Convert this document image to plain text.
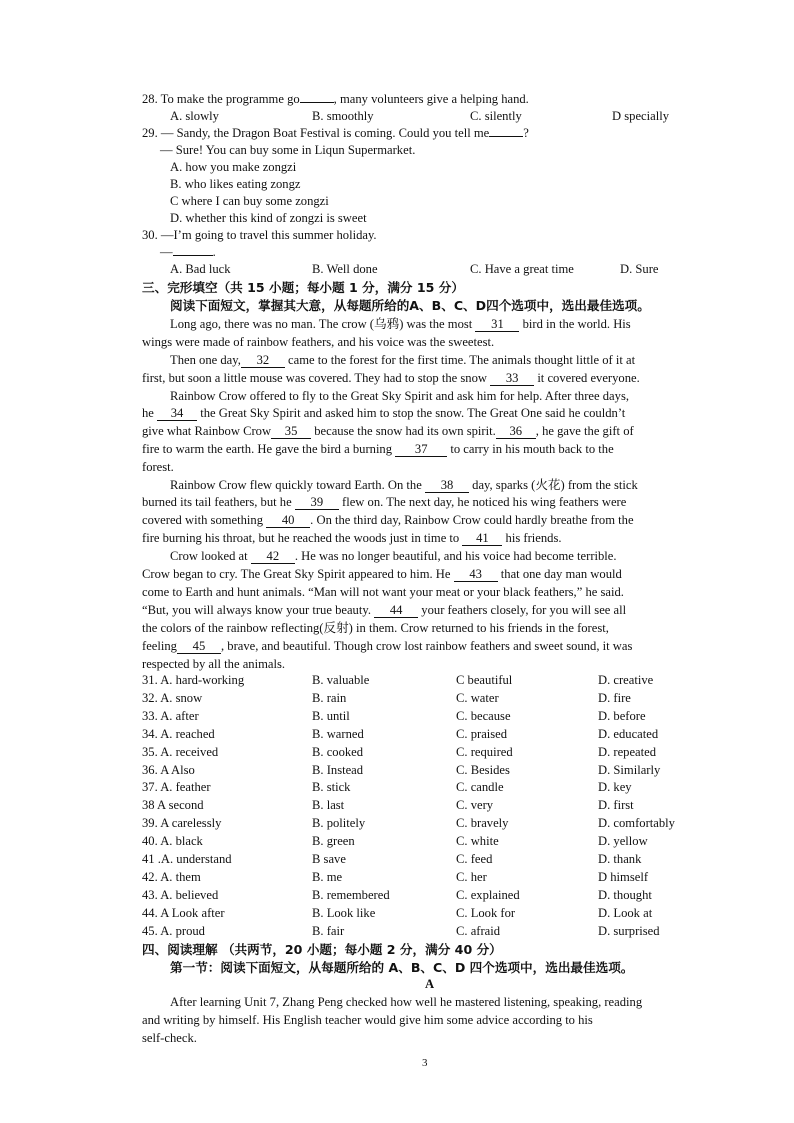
28. To make the programme go	, many volunteers give a helping hand.
A. slowly	B. smoothly	C. silently	D specially
29. — Sandy, the Dragon Boat Festival is coming. Could you tell me	?
— Sure! You can buy some in Liqun Supermarket.
A. how you make zongzi
B. who likes eating zongz
C where I can buy some zongzi
D. whether this kind of zongzi is sweet
30. —I’m going to travel this summer holiday.
—	.
A. Bad luck	B. Well done	C. Have a great time	D. Sure
三、完形填空（共 15 小题；每小题 1 分，满分 15 分）
阅读下面短文，掌握其大意，从每题所给的A、B、C、D四个选项中，选出最佳选项。
Long ago, there was no man. The crow (乌鸦) was the most 31 bird in the world. His
wings were made of rainbow feathers, and his voice was the sweetest.
Then one day, 32 came to the forest for the first time. The animals thought little of it at
first, but soon a little mouse was covered. They had to stop the snow 33 it covered everyone.
Rainbow Crow offered to fly to the Great Sky Spirit and ask him for help. After three days,
he 34 the Great Sky Spirit and asked him to stop the snow. The Great One said he couldn’t
give what Rainbow Crow 35 because the snow had its own spirit. 36 , he gave the gift of
fire to warm the earth. He gave the bird a burning 37 to carry in his mouth back to the
forest.
Rainbow Crow flew quickly toward Earth. On the 38 day, sparks (火花) from the stick
burned its tail feathers, but he 39 flew on. The next day, he noticed his wing feathers were
covered with something 40 . On the third day, Rainbow Crow could hardly breathe from the
fire burning his throat, but he reached the woods just in time to 41 his friends.
Crow looked at 42 . He was no longer beautiful, and his voice had become terrible.
Crow began to cry. The Great Sky Spirit appeared to him. He 43 that one day man would
come to Earth and hunt animals. “Man will not want your meat or your black feathers,” he said.
“But, you will always know your true beauty. 44 your feathers closely, for you will see all
the colors of the rainbow reflecting(反射) in them. Crow returned to his friends in the forest,
feeling 45 , brave, and beautiful. Though crow lost rainbow feathers and sweet sound, it was
respected by all the animals.
31. A. hard-working	B. valuable	C beautiful	D. creative
32. A. snow	B. rain	C. water	D. fire
33. A. after	B. until	C. because	D. before
34. A. reached	B. warned	C. praised	D. educated
35. A. received	B. cooked	C. required	D. repeated
36. A Also	B. Instead	C. Besides	D. Similarly
37. A. feather	B. stick	C. candle	D. key
38 A second	B. last	C. very	D. first
39. A carelessly	B. politely	C. bravely	D. comfortably
40. A. black	B. green	C. white	D. yellow
41 .A. understand	B save	C. feed	D. thank
42. A. them	B. me	C. her	D himself
43. A. believed	B. remembered	C. explained	D. thought
44. A Look after	B. Look like	C. Look for	D. Look at
45. A. proud	B. fair	C. afraid	D. surprised
四、阅读理解 （共两节，20 小题；每小题 2 分，满分 40 分）
第一节：阅读下面短文，从每题所给的 A、B、C、D 四个选项中，选出最佳选项。
A
After learning Unit 7, Zhang Peng checked how well he mastered listening, speaking, reading
and writing by himself. His English teacher would give him some advice according to his
self-check.
3
